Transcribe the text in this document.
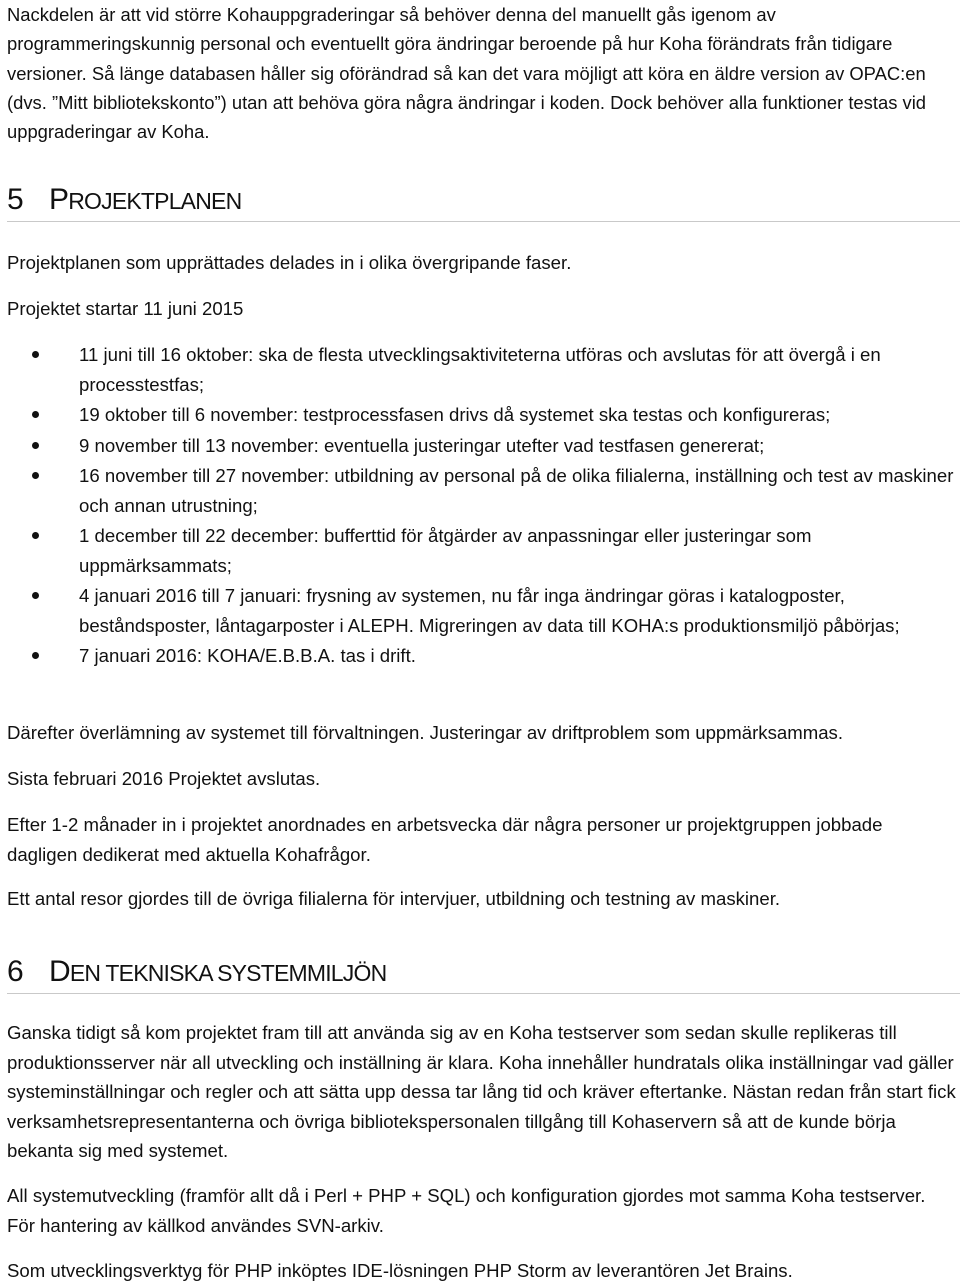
Nackdelen är att vid större Kohauppgraderingar så behöver denna del manuellt gås igenom av programmeringskunnig personal och eventuellt göra ändringar beroende på hur Koha förändrats från tidigare versioner. Så länge databasen håller sig oförändrad så kan det vara möjligt att köra en äldre version av OPAC:en (dvs. ”Mitt bibliotekskonto”) utan att behöva göra några ändringar i koden. Dock behöver alla funktioner testas vid uppgraderingar av Koha.

5 PROJEKTPLANEN

Projektplanen som upprättades delades in i olika övergripande faser.

Projektet startar 11 juni 2015

11 juni till 16 oktober: ska de flesta utvecklingsaktiviteterna utföras och avslutas för att övergå i en processtestfas;
19 oktober till 6 november: testprocessfasen drivs då systemet ska testas och konfigureras;
9 november till 13 november: eventuella justeringar utefter vad testfasen genererat;
16 november till 27 november: utbildning av personal på de olika filialerna, inställning och test av maskiner och annan utrustning;
1 december till 22 december: bufferttid för åtgärder av anpassningar eller justeringar som uppmärksammats;
4 januari 2016 till 7 januari: frysning av systemen, nu får inga ändringar göras i katalogposter, beståndsposter, låntagarposter i ALEPH. Migreringen av data till KOHA:s produktionsmiljö påbörjas;
7 januari 2016: KOHA/E.B.B.A. tas i drift.

Därefter överlämning av systemet till förvaltningen. Justeringar av driftproblem som uppmärksammas.

Sista februari 2016 Projektet avslutas.

Efter 1-2 månader in i projektet anordnades en arbetsvecka där några personer ur projektgruppen jobbade dagligen dedikerat med aktuella Kohafrågor.

Ett antal resor gjordes till de övriga filialerna för intervjuer, utbildning och testning av maskiner.

6 DEN TEKNISKA SYSTEMMILJÖN

Ganska tidigt så kom projektet fram till att använda sig av en Koha testserver som sedan skulle replikeras till produktionsserver när all utveckling och inställning är klara. Koha innehåller hundratals olika inställningar vad gäller systeminställningar och regler och att sätta upp dessa tar lång tid och kräver eftertanke. Nästan redan från start fick verksamhetsrepresentanterna och övriga bibliotekspersonalen tillgång till Kohaservern så att de kunde börja bekanta sig med systemet.

All systemutveckling (framför allt då i Perl + PHP + SQL) och konfiguration gjordes mot samma Koha testserver. För hantering av källkod användes SVN-arkiv.

Som utvecklingsverktyg för PHP inköptes IDE-lösningen PHP Storm av leverantören Jet Brains.
